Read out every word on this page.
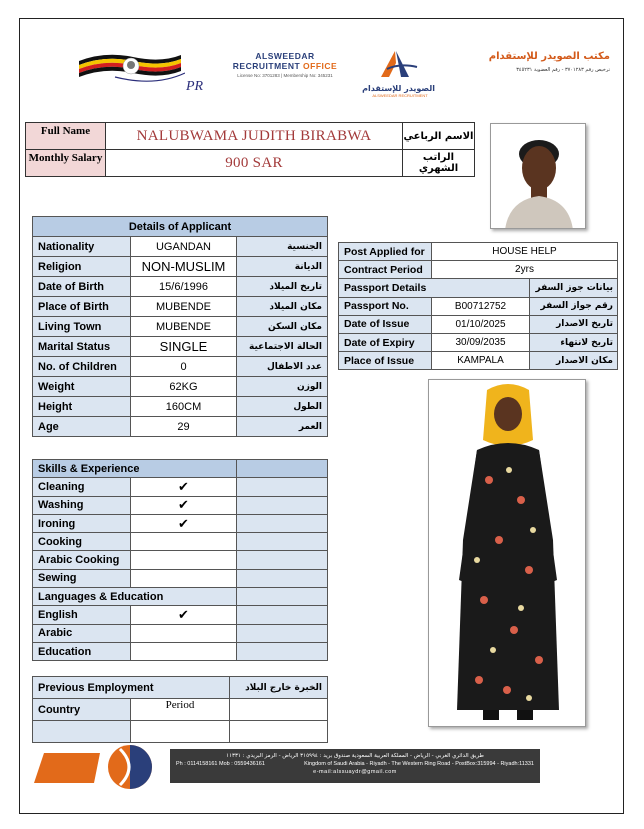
PR
ALSWEEDAR
RECRUITMENT OFFICE
License No: 3701283 | Membership No: 345231
الصويدر للإستقدام
ALSWEEDAR RECRUITMENT
مكتب الصويدر للإستقدام
ترخيص رقم ٣٧٠١٢٨٣ - رقم العضوية ٣٤٥٢٣١
Full Name	NALUBWAMA JUDITH BIRABWA	الاسم الرباعي
Monthly Salary	900 SAR	الراتب الشهري
Details of Applicant		
Nationality	UGANDAN	الجنسية
Religion	NON-MUSLIM	الديانة
Date of Birth	15/6/1996	تاريخ الميلاد
Place of Birth	MUBENDE	مكان الميلاد
Living Town	MUBENDE	مكان السكن
Marital Status	SINGLE	الحالة الاجتماعية
No. of Children	0	عدد الاطفال
Weight	62KG	الوزن
Height	160CM	الطول
Age	29	العمر
Skills & Experience		
Cleaning	✔	
Washing	✔	
Ironing	✔	
Cooking		
Arabic Cooking		
Sewing		
Languages & Education		
English	✔	
Arabic		
Education		
Previous Employment		الخبرة خارج البلاد
Country	Period	

Post Applied for	HOUSE HELP	
Contract Period	2yrs	
Passport Details		بيانات جوز السفر
Passport No.	B00712752	رقم جواز السفر
Date of Issue	01/10/2025	تاريخ الاصدار
Date of Expiry	30/09/2035	تاريخ لانتهاء
Place of Issue	KAMPALA	مكان الاصدار
طريق الدائري الغربي - الرياض - المملكة العربية السعودية صندوق بريد : ٣١٥٩٩٤ الرياض - الرمز البريدي : ١١٣٣١
Ph : 0114158161 Mob : 0559436161	Kingdom of Saudi Arabia - Riyadh - The Western Ring Road - PostBox:315994 - Riyadh:11331
e-mail:alssuaydr@gmail.com
